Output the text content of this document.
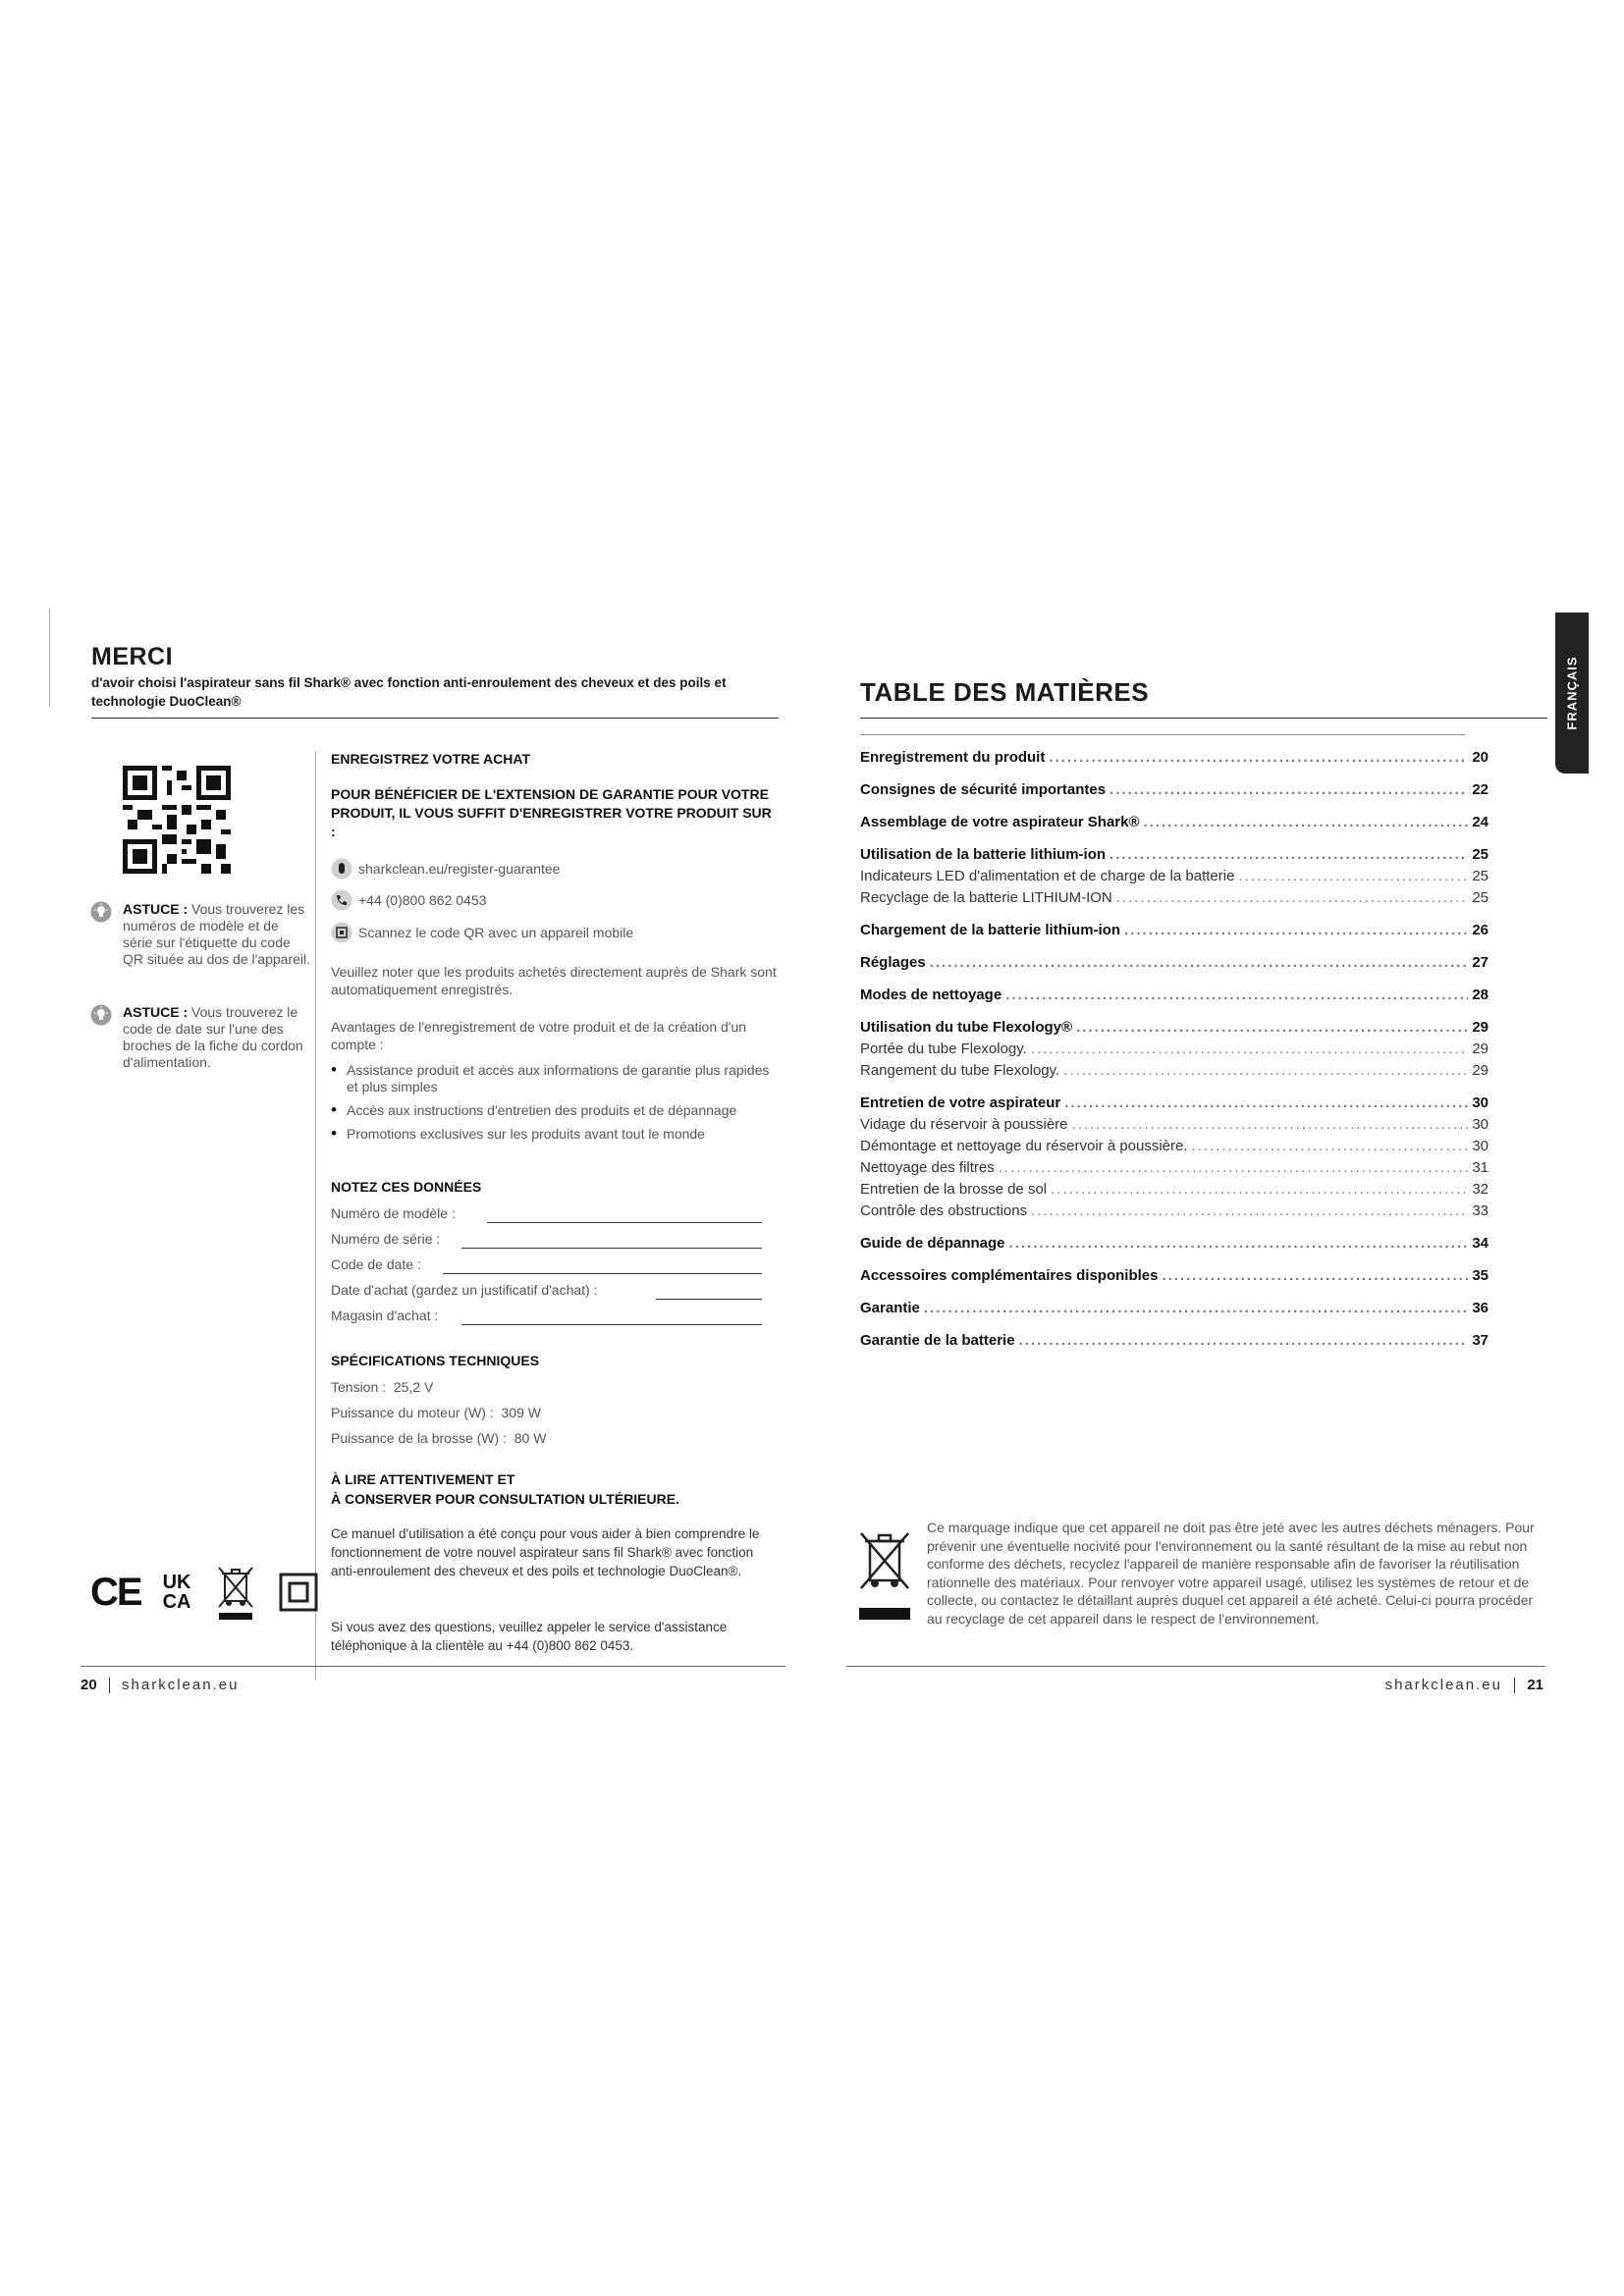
MERCI
d'avoir choisi l'aspirateur sans fil Shark® avec fonction anti-enroulement des cheveux et des poils et technologie DuoClean®
ASTUCE : Vous trouverez les numéros de modèle et de série sur l'étiquette du code QR située au dos de l'appareil.
ASTUCE : Vous trouverez le code de date sur l'une des broches de la fiche du cordon d'alimentation.
ENREGISTREZ VOTRE ACHAT
POUR BÉNÉFICIER DE L'EXTENSION DE GARANTIE POUR VOTRE PRODUIT, IL VOUS SUFFIT D'ENREGISTRER VOTRE PRODUIT SUR :
sharkclean.eu/register-guarantee
+44 (0)800 862 0453
Scannez le code QR avec un appareil mobile
Veuillez noter que les produits achetés directement auprès de Shark sont automatiquement enregistrés.
Avantages de l'enregistrement de votre produit et de la création d'un compte :
• Assistance produit et accès aux informations de garantie plus rapides et plus simples
• Accès aux instructions d'entretien des produits et de dépannage
• Promotions exclusives sur les produits avant tout le monde
NOTEZ CES DONNÉES
Numéro de modèle :
Numéro de série :
Code de date :
Date d'achat (gardez un justificatif d'achat) :
Magasin d'achat :
SPÉCIFICATIONS TECHNIQUES
Tension : 25,2 V
Puissance du moteur (W) : 309 W
Puissance de la brosse (W) : 80 W
À LIRE ATTENTIVEMENT ET
À CONSERVER POUR CONSULTATION ULTÉRIEURE.
Ce manuel d'utilisation a été conçu pour vous aider à bien comprendre le fonctionnement de votre nouvel aspirateur sans fil Shark® avec fonction anti-enroulement des cheveux et des poils et technologie DuoClean®.
Si vous avez des questions, veuillez appeler le service d'assistance téléphonique à la clientèle au +44 (0)800 862 0453.
CE UK
CA
20 sharkclean.eu
FRANÇAIS
TABLE DES MATIÈRES
Enregistrement du produit .....	20
Consignes de sécurité importantes .....	22
Assemblage de votre aspirateur Shark® .....	24
Utilisation de la batterie lithium-ion .....	25
Indicateurs LED d'alimentation et de charge de la batterie .....	25
Recyclage de la batterie LITHIUM-ION .....	25
Chargement de la batterie lithium-ion .....	26
Réglages .....	27
Modes de nettoyage .....	28
Utilisation du tube Flexology® .....	29
Portée du tube Flexology. .....	29
Rangement du tube Flexology. .....	29
Entretien de votre aspirateur .....	30
Vidage du réservoir à poussière .....	30
Démontage et nettoyage du réservoir à poussière. .....	30
Nettoyage des filtres .....	31
Entretien de la brosse de sol .....	32
Contrôle des obstructions .....	33
Guide de dépannage .....	34
Accessoires complémentaires disponibles .....	35
Garantie .....	36
Garantie de la batterie .....	37
Ce marquage indique que cet appareil ne doit pas être jeté avec les autres déchets ménagers. Pour prévenir une éventuelle nocivité pour l'environnement ou la santé résultant de la mise au rebut non conforme des déchets, recyclez l'appareil de manière responsable afin de favoriser la réutilisation rationnelle des matériaux. Pour renvoyer votre appareil usagé, utilisez les systèmes de retour et de collecte, ou contactez le détaillant auprès duquel cet appareil a été acheté. Celui-ci pourra procéder au recyclage de cet appareil dans le respect de l'environnement.
sharkclean.eu 21
